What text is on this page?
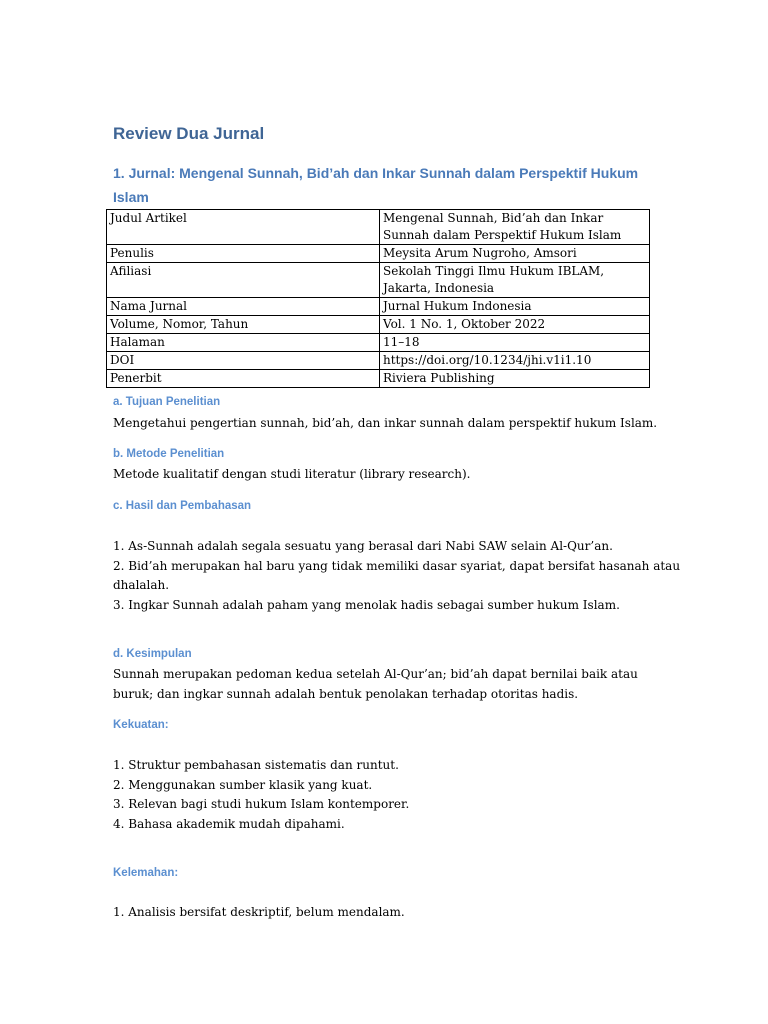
Review Dua Jurnal
1. Jurnal: Mengenal Sunnah, Bid’ah dan Inkar Sunnah dalam Perspektif Hukum Islam
Judul Artikel	Mengenal Sunnah, Bid’ah dan Inkar Sunnah dalam Perspektif Hukum Islam
Penulis	Meysita Arum Nugroho, Amsori
Afiliasi	Sekolah Tinggi Ilmu Hukum IBLAM, Jakarta, Indonesia
Nama Jurnal	Jurnal Hukum Indonesia
Volume, Nomor, Tahun	Vol. 1 No. 1, Oktober 2022
Halaman	11–18
DOI	https://doi.org/10.1234/jhi.v1i1.10
Penerbit	Riviera Publishing
a. Tujuan Penelitian
Mengetahui pengertian sunnah, bid’ah, dan inkar sunnah dalam perspektif hukum Islam.
b. Metode Penelitian
Metode kualitatif dengan studi literatur (library research).
c. Hasil dan Pembahasan
1. As-Sunnah adalah segala sesuatu yang berasal dari Nabi SAW selain Al-Qur’an.
2. Bid’ah merupakan hal baru yang tidak memiliki dasar syariat, dapat bersifat hasanah atau
dhalalah.
3. Ingkar Sunnah adalah paham yang menolak hadis sebagai sumber hukum Islam.
d. Kesimpulan
Sunnah merupakan pedoman kedua setelah Al-Qur’an; bid’ah dapat bernilai baik atau
buruk; dan ingkar sunnah adalah bentuk penolakan terhadap otoritas hadis.
Kekuatan:
1. Struktur pembahasan sistematis dan runtut.
2. Menggunakan sumber klasik yang kuat.
3. Relevan bagi studi hukum Islam kontemporer.
4. Bahasa akademik mudah dipahami.
Kelemahan:
1. Analisis bersifat deskriptif, belum mendalam.
